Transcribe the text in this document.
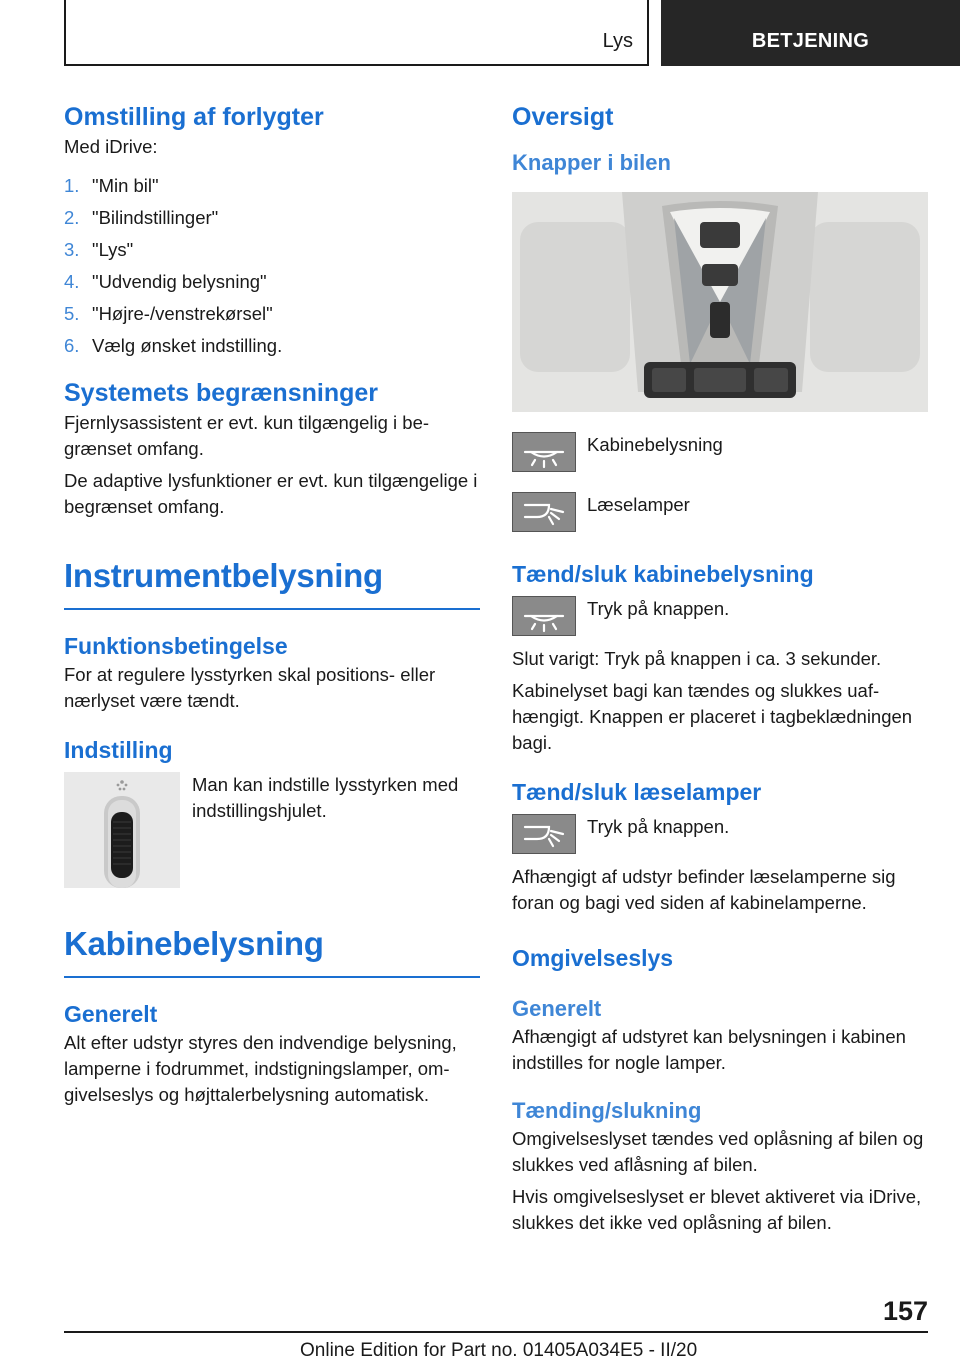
Lys	BETJENING
Omstilling af forlygter

Med iDrive:

1. "Min bil"
2. "Bilindstillinger"
3. "Lys"
4. "Udvendig belysning"
5. "Højre-/venstrekørsel"
6. Vælg ønsket indstilling.
Systemets begrænsninger

Fjernlysassistent er evt. kun tilgængelig i be-grænset omfang.

De adaptive lysfunktioner er evt. kun tilgængelige i begrænset omfang.

Instrumentbelysning
Funktionsbetingelse

For at regulere lysstyrken skal positions- eller nærlyset være tændt.

Indstilling
Man kan indstille lysstyrken med indstillingshjulet.
Kabinebelysning
Generelt

Alt efter udstyr styres den indvendige belysning, lamperne i fodrummet, indstigningslamper, om-givelseslys og højttalerbelysning automatisk.

Oversigt
Knapper i bilen
Kabinebelysning
Læselamper
Tænd/sluk kabinebelysning
Tryk på knappen.

Slut varigt: Tryk på knappen i ca. 3 sekunder.

Kabinelyset bagi kan tændes og slukkes uaf-hængigt. Knappen er placeret i tagbeklædningen bagi.

Tænd/sluk læselamper
Tryk på knappen.

Afhængigt af udstyr befinder læselamperne sig foran og bagi ved siden af kabinelamperne.

Omgivelseslys
Generelt

Afhængigt af udstyret kan belysningen i kabinen indstilles for nogle lamper.

Tænding/slukning

Omgivelseslyset tændes ved oplåsning af bilen og slukkes ved aflåsning af bilen.

Hvis omgivelseslyset er blevet aktiveret via iDrive, slukkes det ikke ved oplåsning af bilen.

157
Online Edition for Part no. 01405A034E5 - II/20
